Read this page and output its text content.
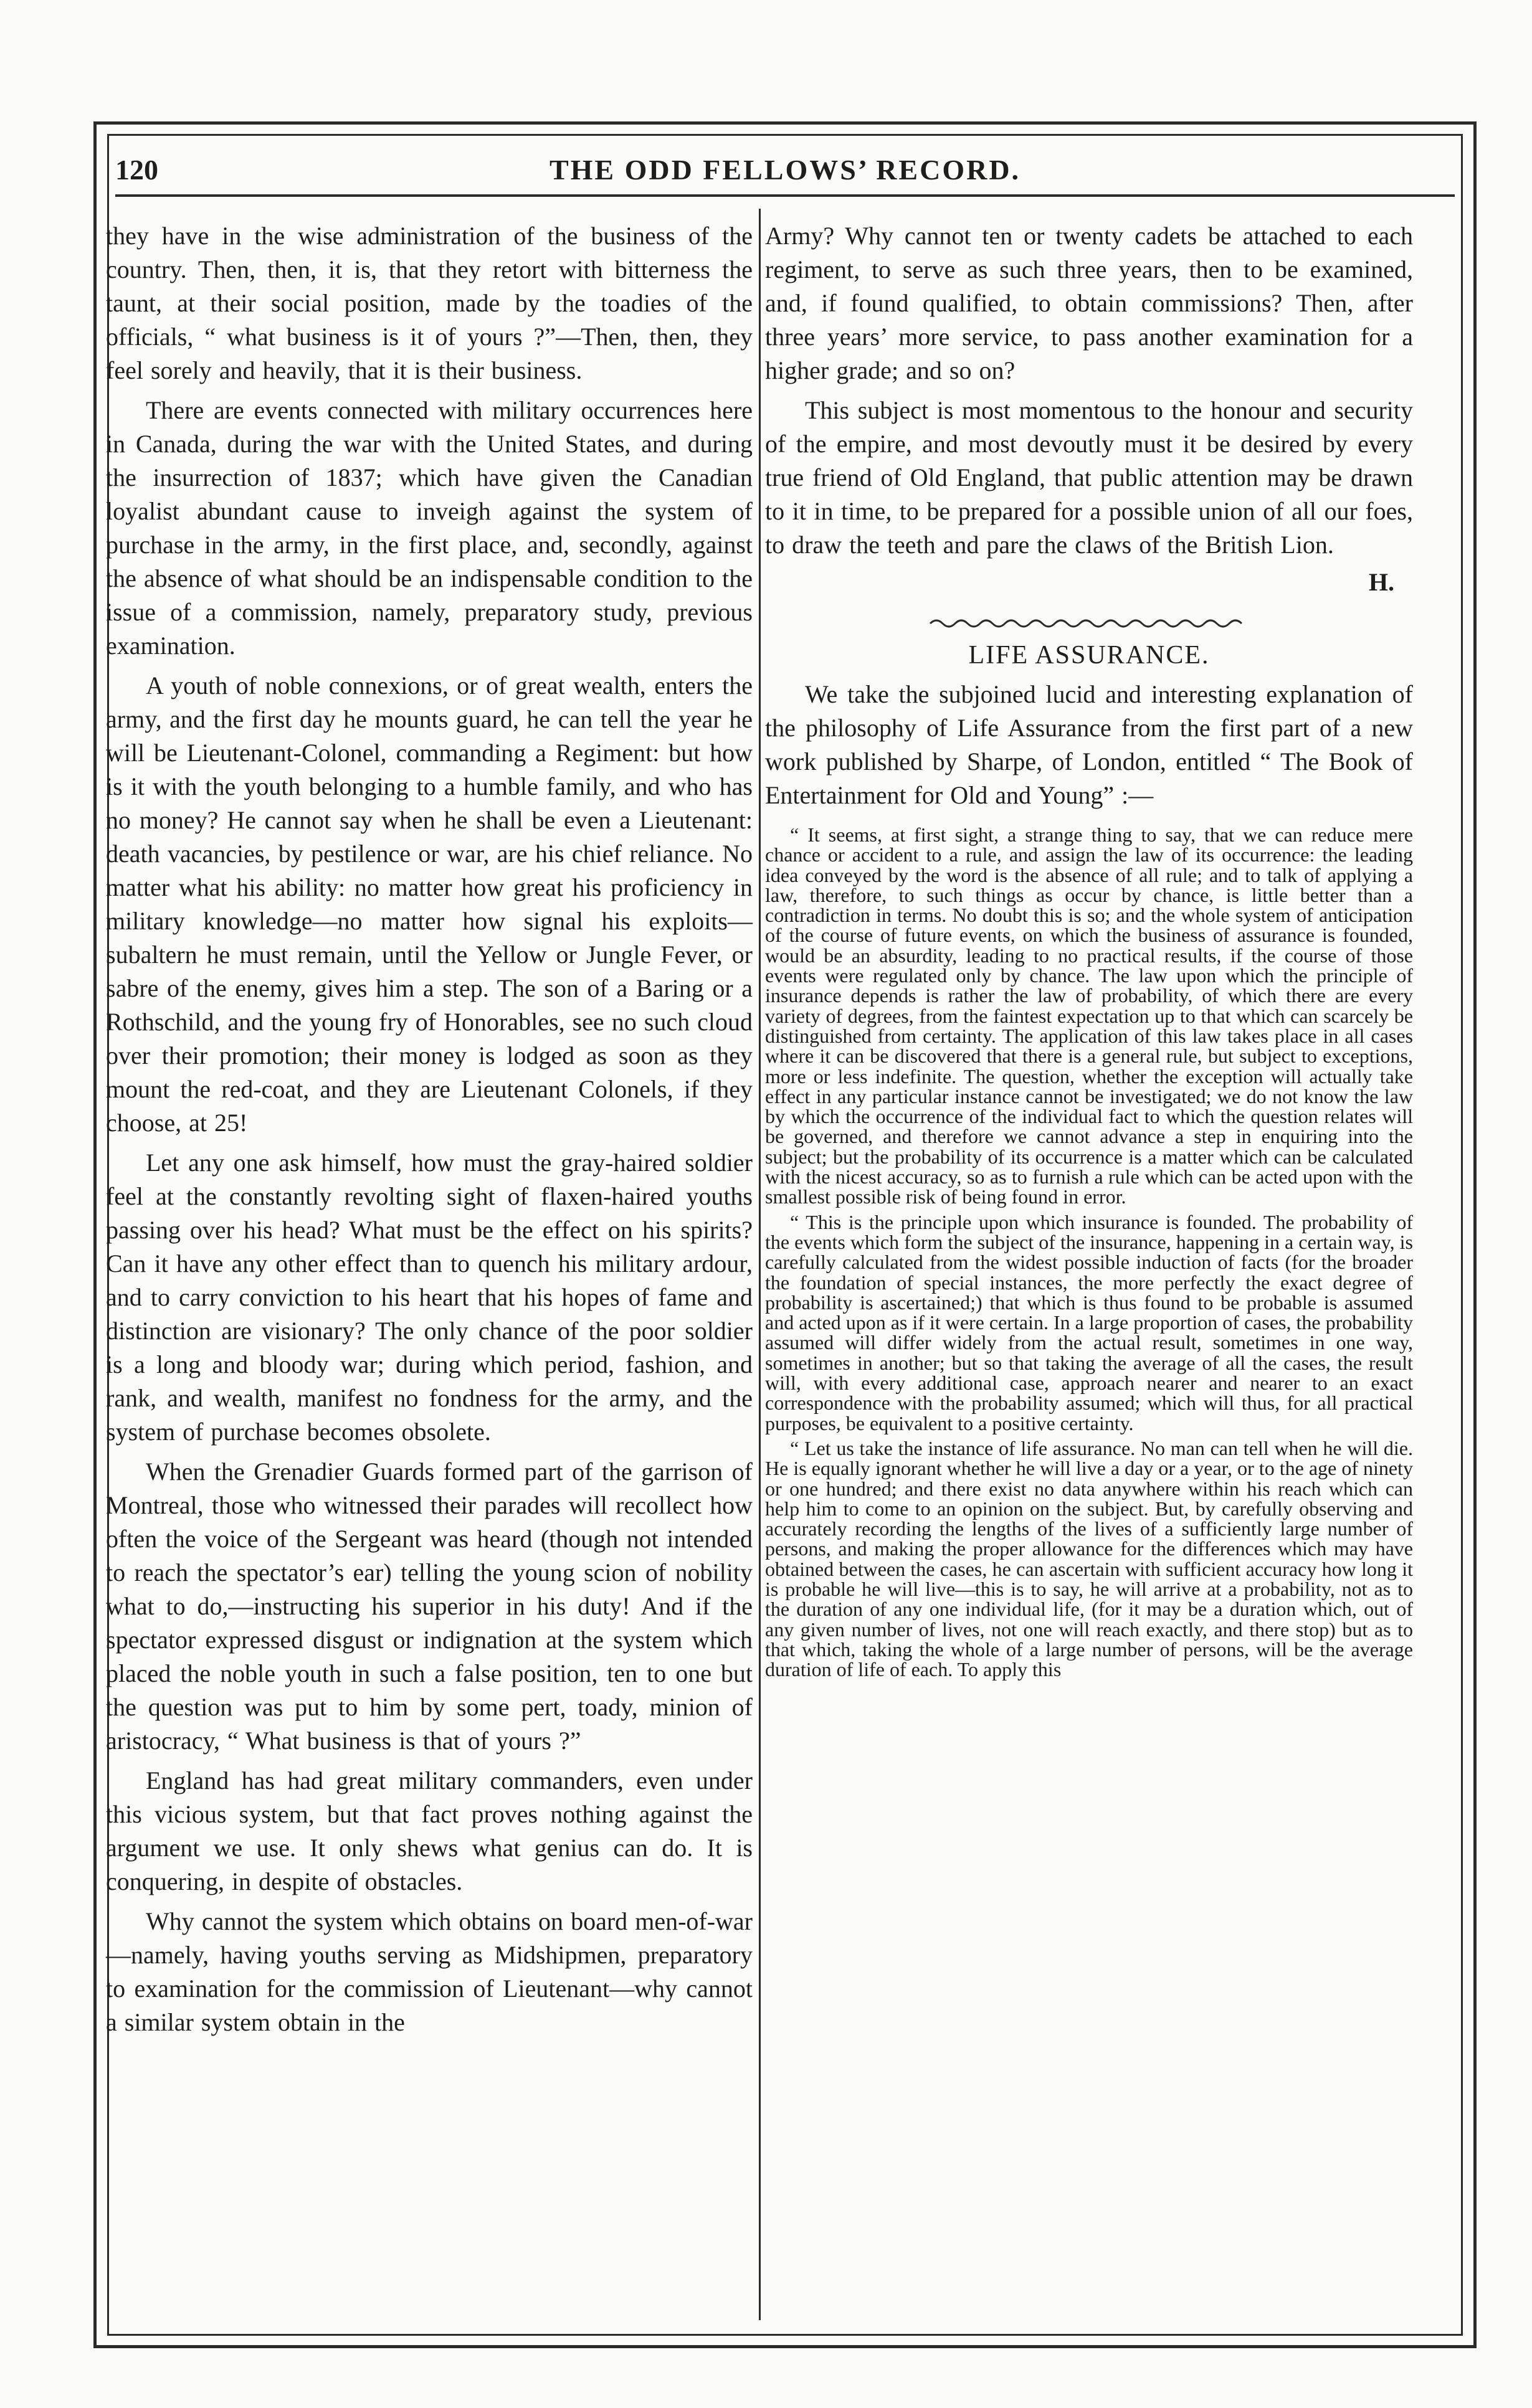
120	THE ODD FELLOWS’ RECORD.

they have in the wise administration of the business of the country. Then, then, it is, that they retort with bitterness the taunt, at their social position, made by the toadies of the officials, “ what business is it of yours ?”—Then, then, they feel sorely and heavily, that it is their business.

There are events connected with military occurrences here in Canada, during the war with the United States, and during the insurrection of 1837; which have given the Canadian loyalist abundant cause to inveigh against the system of purchase in the army, in the first place, and, secondly, against the absence of what should be an indispensable condition to the issue of a commission, namely, preparatory study, previous examination.

A youth of noble connexions, or of great wealth, enters the army, and the first day he mounts guard, he can tell the year he will be Lieutenant-Colonel, commanding a Regiment: but how is it with the youth belonging to a humble family, and who has no money? He cannot say when he shall be even a Lieutenant: death vacancies, by pestilence or war, are his chief reliance. No matter what his ability: no matter how great his proficiency in military knowledge—no matter how signal his exploits—subaltern he must remain, until the Yellow or Jungle Fever, or sabre of the enemy, gives him a step. The son of a Baring or a Rothschild, and the young fry of Honorables, see no such cloud over their promotion; their money is lodged as soon as they mount the red-coat, and they are Lieutenant Colonels, if they choose, at 25!

Let any one ask himself, how must the gray-haired soldier feel at the constantly revolting sight of flaxen-haired youths passing over his head? What must be the effect on his spirits? Can it have any other effect than to quench his military ardour, and to carry conviction to his heart that his hopes of fame and distinction are visionary? The only chance of the poor soldier is a long and bloody war; during which period, fashion, and rank, and wealth, manifest no fondness for the army, and the system of purchase becomes obsolete.

When the Grenadier Guards formed part of the garrison of Montreal, those who witnessed their parades will recollect how often the voice of the Sergeant was heard (though not intended to reach the spectator’s ear) telling the young scion of nobility what to do,—instructing his superior in his duty! And if the spectator expressed disgust or indignation at the system which placed the noble youth in such a false position, ten to one but the question was put to him by some pert, toady, minion of aristocracy, “ What business is that of yours ?”

England has had great military commanders, even under this vicious system, but that fact proves nothing against the argument we use. It only shews what genius can do. It is conquering, in despite of obstacles.

Why cannot the system which obtains on board men-of-war—namely, having youths serving as Midshipmen, preparatory to examination for the commission of Lieutenant—why cannot a similar system obtain in the

Army? Why cannot ten or twenty cadets be attached to each regiment, to serve as such three years, then to be examined, and, if found qualified, to obtain commissions? Then, after three years’ more service, to pass another examination for a higher grade; and so on?

This subject is most momentous to the honour and security of the empire, and most devoutly must it be desired by every true friend of Old England, that public attention may be drawn to it in time, to be prepared for a possible union of all our foes, to draw the teeth and pare the claws of the British Lion.

H.
LIFE ASSURANCE.

We take the subjoined lucid and interesting explanation of the philosophy of Life Assurance from the first part of a new work published by Sharpe, of London, entitled “ The Book of Entertainment for Old and Young” :—

“ It seems, at first sight, a strange thing to say, that we can reduce mere chance or accident to a rule, and assign the law of its occurrence: the leading idea conveyed by the word is the absence of all rule; and to talk of applying a law, therefore, to such things as occur by chance, is little better than a contradiction in terms. No doubt this is so; and the whole system of anticipation of the course of future events, on which the business of assurance is founded, would be an absurdity, leading to no practical results, if the course of those events were regulated only by chance. The law upon which the principle of insurance depends is rather the law of probability, of which there are every variety of degrees, from the faintest expectation up to that which can scarcely be distinguished from certainty. The application of this law takes place in all cases where it can be discovered that there is a general rule, but subject to exceptions, more or less indefinite. The question, whether the exception will actually take effect in any particular instance cannot be investigated; we do not know the law by which the occurrence of the individual fact to which the question relates will be governed, and therefore we cannot advance a step in enquiring into the subject; but the probability of its occurrence is a matter which can be calculated with the nicest accuracy, so as to furnish a rule which can be acted upon with the smallest possible risk of being found in error.

“ This is the principle upon which insurance is founded. The probability of the events which form the subject of the insurance, happening in a certain way, is carefully calculated from the widest possible induction of facts (for the broader the foundation of special instances, the more perfectly the exact degree of probability is ascertained;) that which is thus found to be probable is assumed and acted upon as if it were certain. In a large proportion of cases, the probability assumed will differ widely from the actual result, sometimes in one way, sometimes in another; but so that taking the average of all the cases, the result will, with every additional case, approach nearer and nearer to an exact correspondence with the probability assumed; which will thus, for all practical purposes, be equivalent to a positive certainty.

“ Let us take the instance of life assurance. No man can tell when he will die. He is equally ignorant whether he will live a day or a year, or to the age of ninety or one hundred; and there exist no data anywhere within his reach which can help him to come to an opinion on the subject. But, by carefully observing and accurately recording the lengths of the lives of a sufficiently large number of persons, and making the proper allowance for the differences which may have obtained between the cases, he can ascertain with sufficient accuracy how long it is probable he will live—this is to say, he will arrive at a probability, not as to the duration of any one individual life, (for it may be a duration which, out of any given number of lives, not one will reach exactly, and there stop) but as to that which, taking the whole of a large number of persons, will be the average duration of life of each. To apply this
